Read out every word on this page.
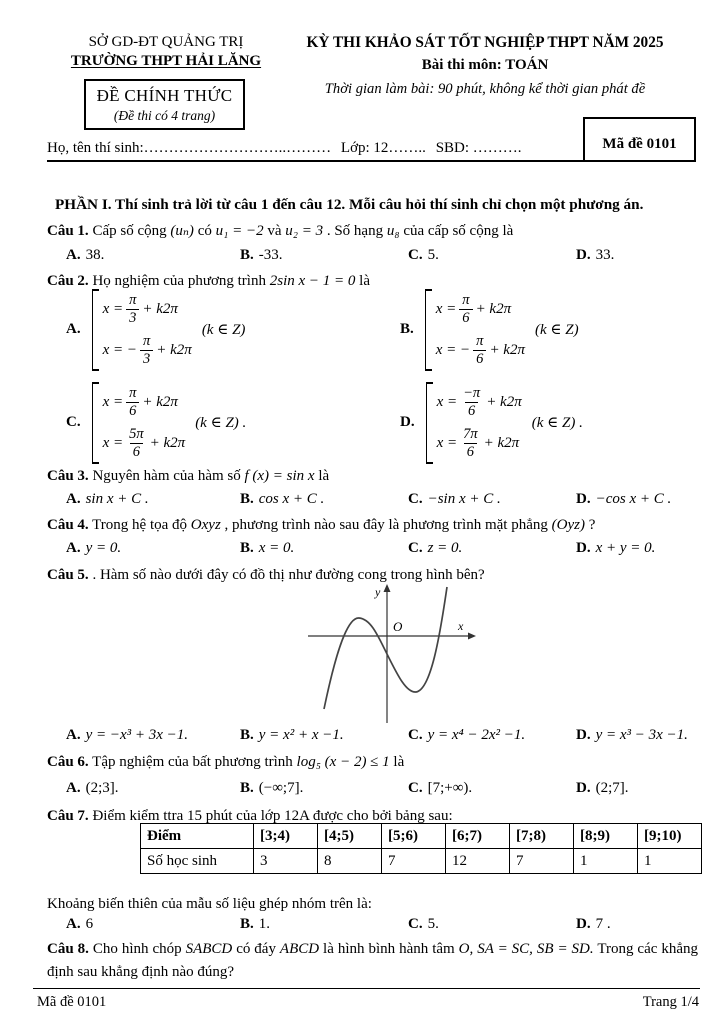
SỞ GD-ĐT QUẢNG TRỊ
TRƯỜNG THPT HẢI LĂNG
ĐỀ CHÍNH THỨC
(Đề thi có 4 trang)
KỲ THI KHẢO SÁT TỐT NGHIỆP THPT NĂM 2025
Bài thi môn: TOÁN
Thời gian làm bài: 90 phút, không kể thời gian phát đề
Mã đề 0101
Họ, tên thí sinh:………………………..……… Lớp: 12…….. SBD: ……….
PHẦN I. Thí sinh trả lời từ câu 1 đến câu 12. Mỗi câu hỏi thí sinh chỉ chọn một phương án.
Câu 1. Cấp số cộng (uₙ) có u₁ = −2 và u₂ = 3 . Số hạng u₈ của cấp số cộng là
A. 38.	B. -33.	C. 5.	D. 33.
Câu 2. Họ nghiệm của phương trình 2sin x − 1 = 0 là
A.
$x = \frac{\pi}{3} + k2\pi$
x = − $\frac{\pi}{3} + k2\pi$
(k ∈ Z)	B.
$x = \frac{\pi}{6} + k2\pi$
x = − $\frac{\pi}{6} + k2\pi$
(k ∈ Z)
C.
$x = \frac{\pi}{6} + k2\pi$
$x = \frac{5\pi}{6} + k2\pi$
(k ∈ Z) .	D.
$x = \frac{-\pi}{6} + k2\pi$
$x = \frac{7\pi}{6} + k2\pi$
(k ∈ Z) .
Câu 3. Nguyên hàm của hàm số f (x) = sin x là
A. sin x + C .	B. cos x + C .	C. −sin x + C .	D. −cos x + C .
Câu 4. Trong hệ tọa độ Oxyz , phương trình nào sau đây là phương trình mặt phẳng (Oyz) ?
A. y = 0.	B. x = 0.	C. z = 0.	D. x + y = 0.
Câu 5. . Hàm số nào dưới đây có đồ thị như đường cong trong hình bên?
y
x
O
A. y = −x³ + 3x −1.	B. y = x² + x −1.	C. y = x⁴ − 2x² −1.	D. y = x³ − 3x −1.
Câu 6. Tập nghiệm của bất phương trình log₅ (x − 2) ≤ 1 là
A. (2;3].	B. (−∞;7].	C. [7;+∞).	D. (2;7].
Câu 7. Điểm kiểm ttra 15 phút của lớp 12A được cho bởi bảng sau:
Điểm	[3;4)	[4;5)	[5;6)	[6;7)	[7;8)	[8;9)	[9;10)
Số học sinh	3	8	7	12	7	1	1
Khoảng biến thiên của mẫu số liệu ghép nhóm trên là:
A. 6	B. 1.	C. 5.	D. 7 .
Câu 8. Cho hình chóp SABCD có đáy ABCD là hình bình hành tâm O, SA = SC, SB = SD. Trong các khẳng định sau khẳng định nào đúng?
Mã đề 0101	Trang 1/4
